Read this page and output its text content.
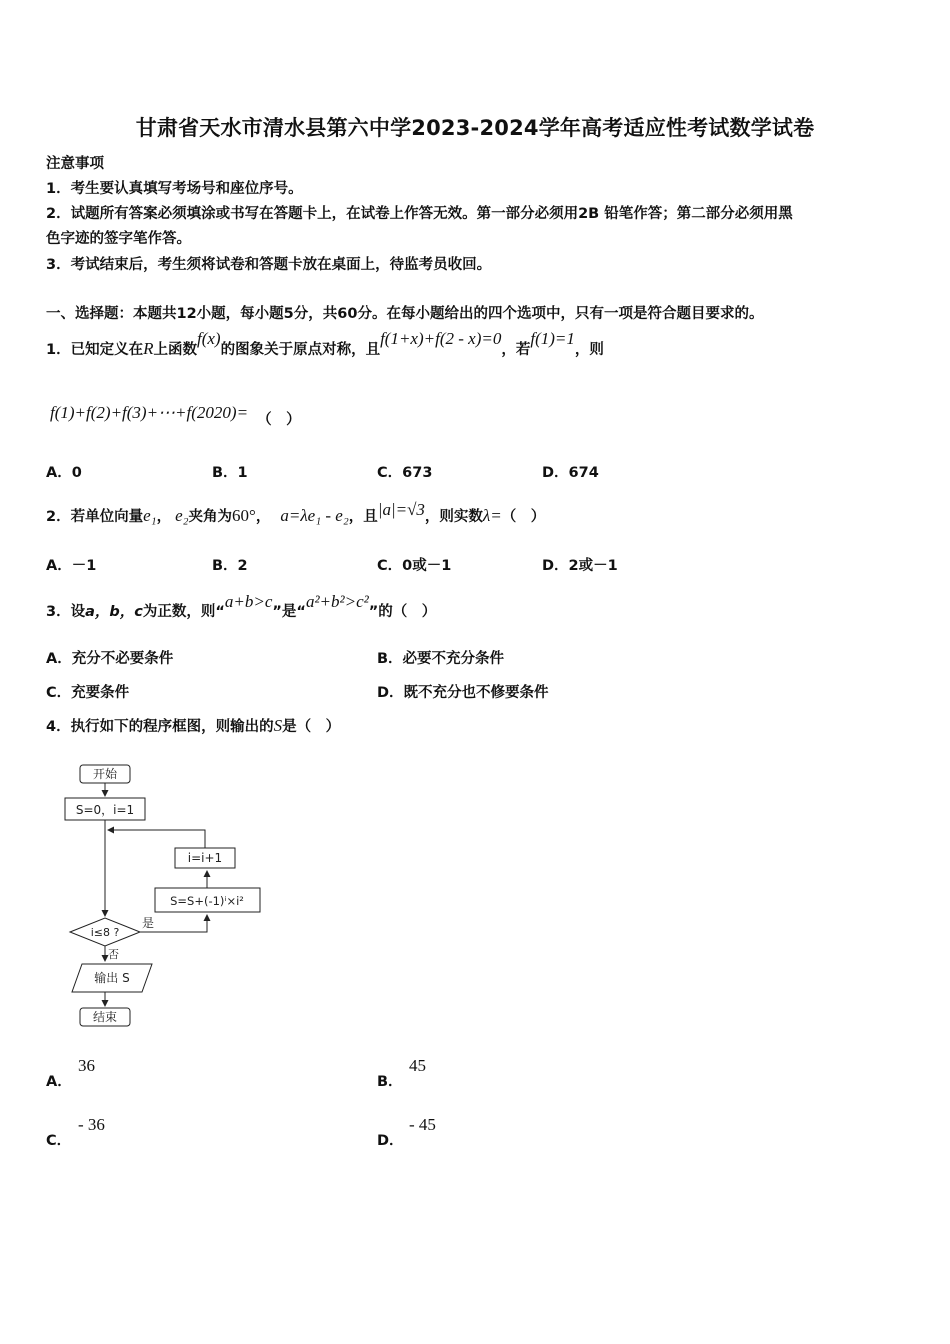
甘肃省天水市清水县第六中学2023-2024学年高考适应性考试数学试卷
注意事项
1．考生要认真填写考场号和座位序号。
2．试题所有答案必须填涂或书写在答题卡上，在试卷上作答无效。第一部分必须用2B 铅笔作答；第二部分必须用黑
色字迹的签字笔作答。
3．考试结束后，考生须将试卷和答题卡放在桌面上，待监考员收回。
一、选择题：本题共12小题，每小题5分，共60分。在每小题给出的四个选项中，只有一项是符合题目要求的。
1．已知定义在R上函数f(x)的图象关于原点对称，且f(1+x)+f(2 - x)=0，若f(1)=1，则
f(1)+f(2)+f(3)+⋯+f(2020)= （　）
A．0	B．1	C．673	D．674
2．若单位向量e₁， e₂夹角为60°， a=λe₁ - e₂，且|a|=√3，则实数λ=（　）
A．－1	B．2	C．0或－1	D．2或－1
3．设a，b，c为正数，则“a+b>c”是“a²+b²>c²”的（　）
A．充分不必要条件	B．必要不充分条件
C．充要条件	D．既不充分也不修要条件
4．执行如下的程序框图，则输出的S是（　）
开始
S=0，i=1
i=i+1
S=S+(-1)ⁱ×i²
i≤8 ?
是
否
输出 S
结束
A．
36
B．
45
C．
- 36
D．
- 45
